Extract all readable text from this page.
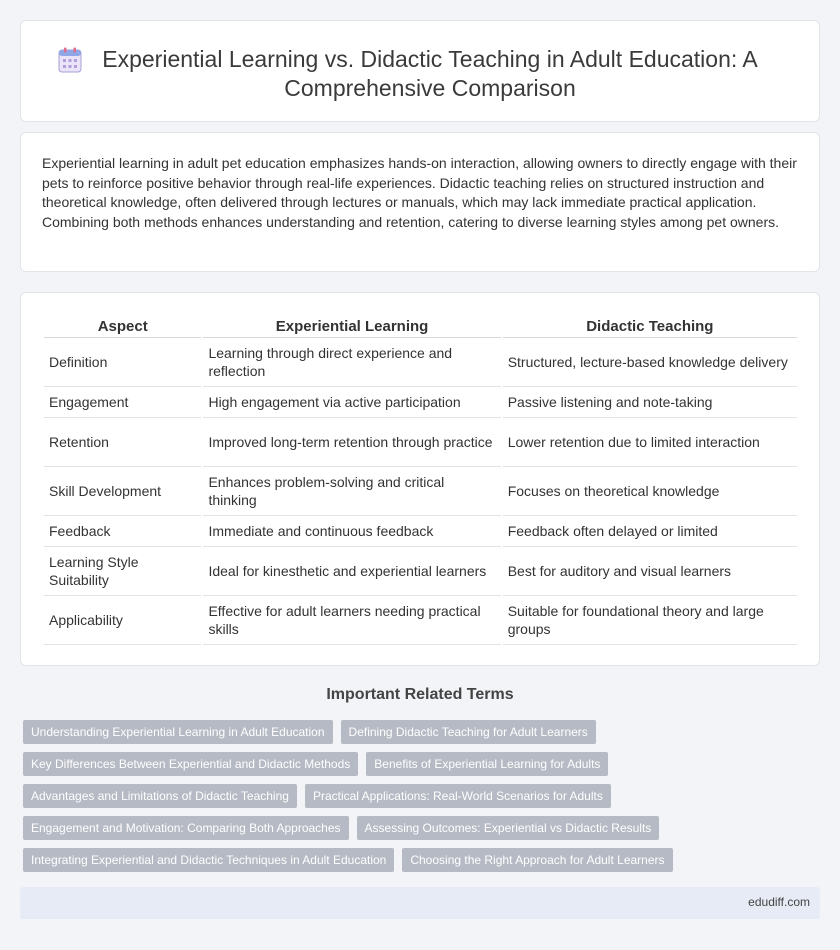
Experiential Learning vs. Didactic Teaching in Adult Education: A Comprehensive Comparison

Experiential learning in adult pet education emphasizes hands-on interaction, allowing owners to directly engage with their pets to reinforce positive behavior through real-life experiences. Didactic teaching relies on structured instruction and theoretical knowledge, often delivered through lectures or manuals, which may lack immediate practical application. Combining both methods enhances understanding and retention, catering to diverse learning styles among pet owners.

Aspect	Experiential Learning	Didactic Teaching
Definition	Learning through direct experience and reflection	Structured, lecture-based knowledge delivery
Engagement	High engagement via active participation	Passive listening and note-taking
Retention	Improved long-term retention through practice	Lower retention due to limited interaction
Skill Development	Enhances problem-solving and critical thinking	Focuses on theoretical knowledge
Feedback	Immediate and continuous feedback	Feedback often delayed or limited
Learning Style Suitability	Ideal for kinesthetic and experiential learners	Best for auditory and visual learners
Applicability	Effective for adult learners needing practical skills	Suitable for foundational theory and large groups
Important Related Terms
Understanding Experiential Learning in Adult Education	Defining Didactic Teaching for Adult Learners
Key Differences Between Experiential and Didactic Methods	Benefits of Experiential Learning for Adults
Advantages and Limitations of Didactic Teaching	Practical Applications: Real-World Scenarios for Adults
Engagement and Motivation: Comparing Both Approaches	Assessing Outcomes: Experiential vs Didactic Results
Integrating Experiential and Didactic Techniques in Adult Education	Choosing the Right Approach for Adult Learners
edudiff.com
